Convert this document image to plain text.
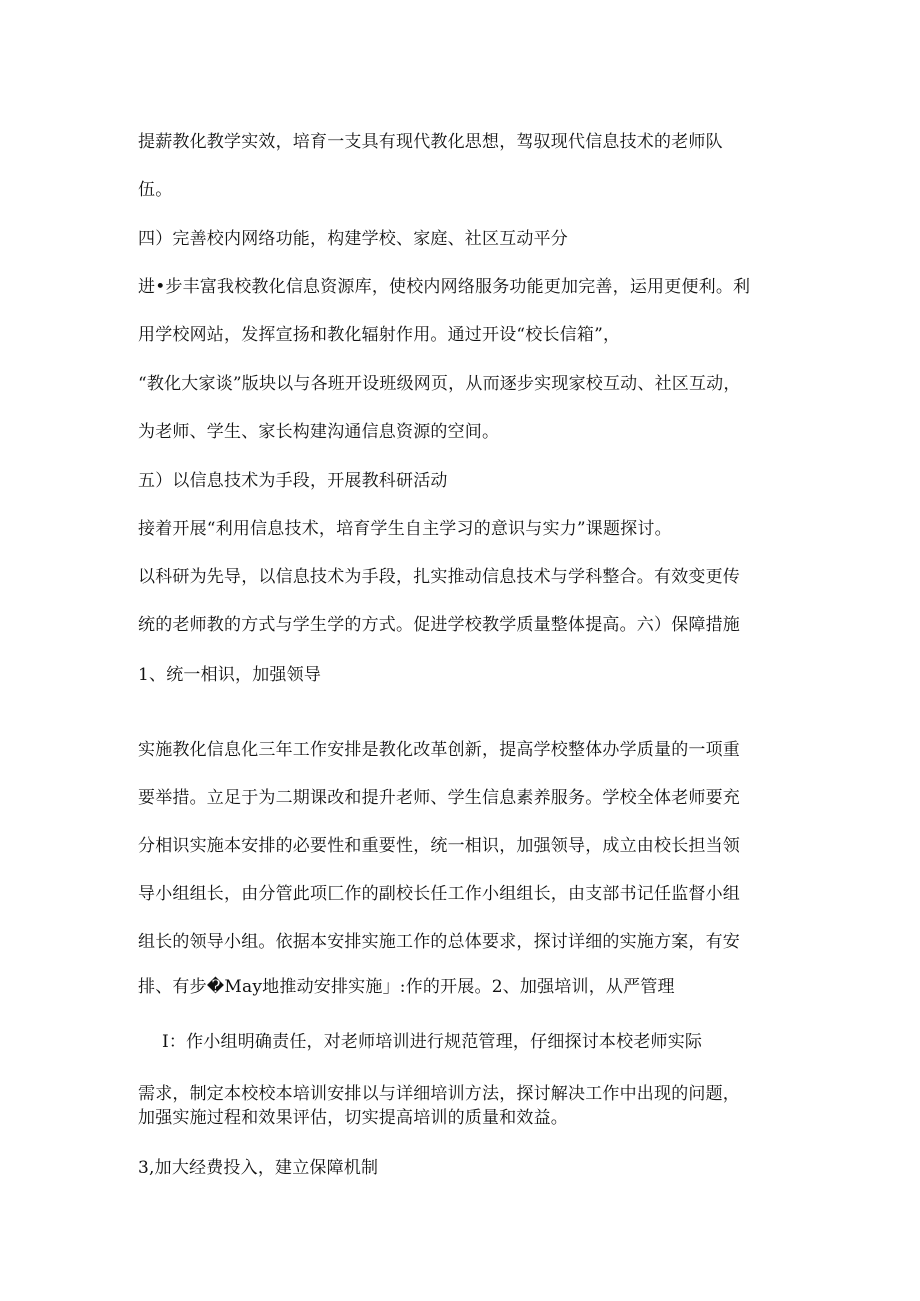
提薪教化教学实效，培育一支具有现代教化思想，驾驭现代信息技术的老师队
伍。
四）完善校内网络功能，构建学校、家庭、社区互动平分
进•步丰富我校教化信息资源库，使校内网络服务功能更加完善，运用更便利。利
用学校网站，发挥宣扬和教化辐射作用。通过开设“校长信箱”，
“教化大家谈”版块以与各班开设班级网页，从而逐步实现家校互动、社区互动，
为老师、学生、家长构建沟通信息资源的空间。
五）以信息技术为手段，开展教科研活动
接着开展“利用信息技术，培育学生自主学习的意识与实力”课题探讨。
以科研为先导，以信息技术为手段，扎实推动信息技术与学科整合。有效变更传
统的老师教的方式与学生学的方式。促进学校教学质量整体提高。六）保障措施
1、统一相识，加强领导
实施教化信息化三年工作安排是教化改革创新，提高学校整体办学质量的一项重
要举措。立足于为二期课改和提升老师、学生信息素养服务。学校全体老师要充
分相识实施本安排的必要性和重要性，统一相识，加强领导，成立由校长担当领
导小组组长，由分管此项匚作的副校长任工作小组组长，由支部书记任监督小组
组长的领导小组。依据本安排实施工作的总体要求，探讨详细的实施方案，有安
排、有步�May地推动安排实施」:作的开展。2、加强培训，从严管理
I：作小组明确责任，对老师培训进行规范管理，仔细探讨本校老师实际
需求，制定本校校本培训安排以与详细培训方法，探讨解决工作中出现的问题，
加强实施过程和效果评估，切实提高培训的质量和效益。
3,加大经费投入，建立保障机制
